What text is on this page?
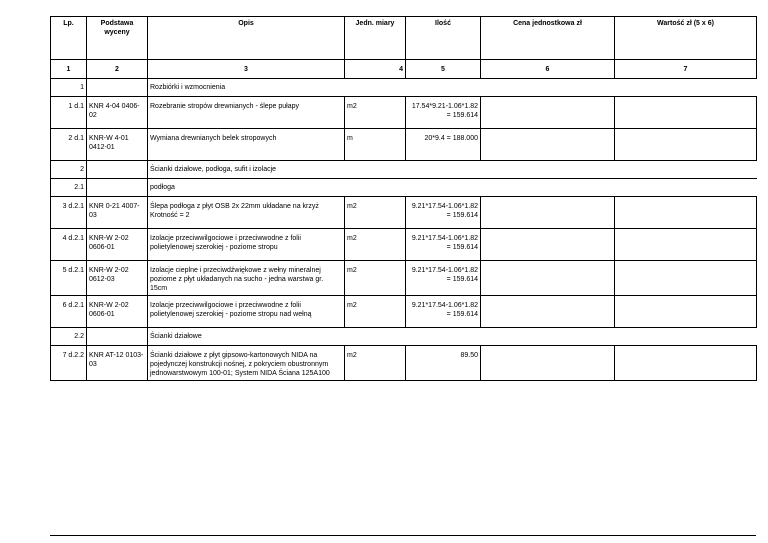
Lp.	Podstawa wyceny	Opis	Jedn. miary	Ilość	Cena jednostkowa zł	Wartość zł (5 x 6)
1	2	3	4	5	6	7
1		Rozbiórki i wzmocnienia				
1 d.1	KNR 4-04 0406-02	Rozebranie stropów drewnianych - ślepe pułapy	m2	17.54*9.21-1.06*1.82 = 159.614		
2 d.1	KNR-W 4-01 0412-01	Wymiana drewnianych belek stropowych	m	20*9.4 = 188.000		
2		Ścianki działowe, podłoga, sufit i izolacje				
2.1		podłoga				
3 d.2.1	KNR 0-21 4007-03	Ślepa podłoga z płyt OSB 2x 22mm układane na krzyż Krotność = 2	m2	9.21*17.54-1.06*1.82 = 159.614		
4 d.2.1	KNR-W 2-02 0606-01	Izolacje przeciwwilgociowe i przeciwwodne z folii polietylenowej szerokiej - poziome stropu	m2	9.21*17.54-1.06*1.82 = 159.614		
5 d.2.1	KNR-W 2-02 0612-03	Izolacje cieplne i przeciwdźwiękowe z wełny mineralnej poziome z płyt układanych na sucho - jedna warstwa gr. 15cm	m2	9.21*17.54-1.06*1.82 = 159.614		
6 d.2.1	KNR-W 2-02 0606-01	Izolacje przeciwwilgociowe i przeciwwodne z folii polietylenowej szerokiej - poziome stropu nad wełną	m2	9.21*17.54-1.06*1.82 = 159.614		
2.2		Ścianki działowe				
7 d.2.2	KNR AT-12 0103-03	Ścianki działowe z płyt gipsowo-kartonowych NIDA na pojedynczej konstrukcji nośnej, z pokryciem obustronnym jednowarstwowym 100-01; System NIDA Ściana 125A100	m2	89.50		
